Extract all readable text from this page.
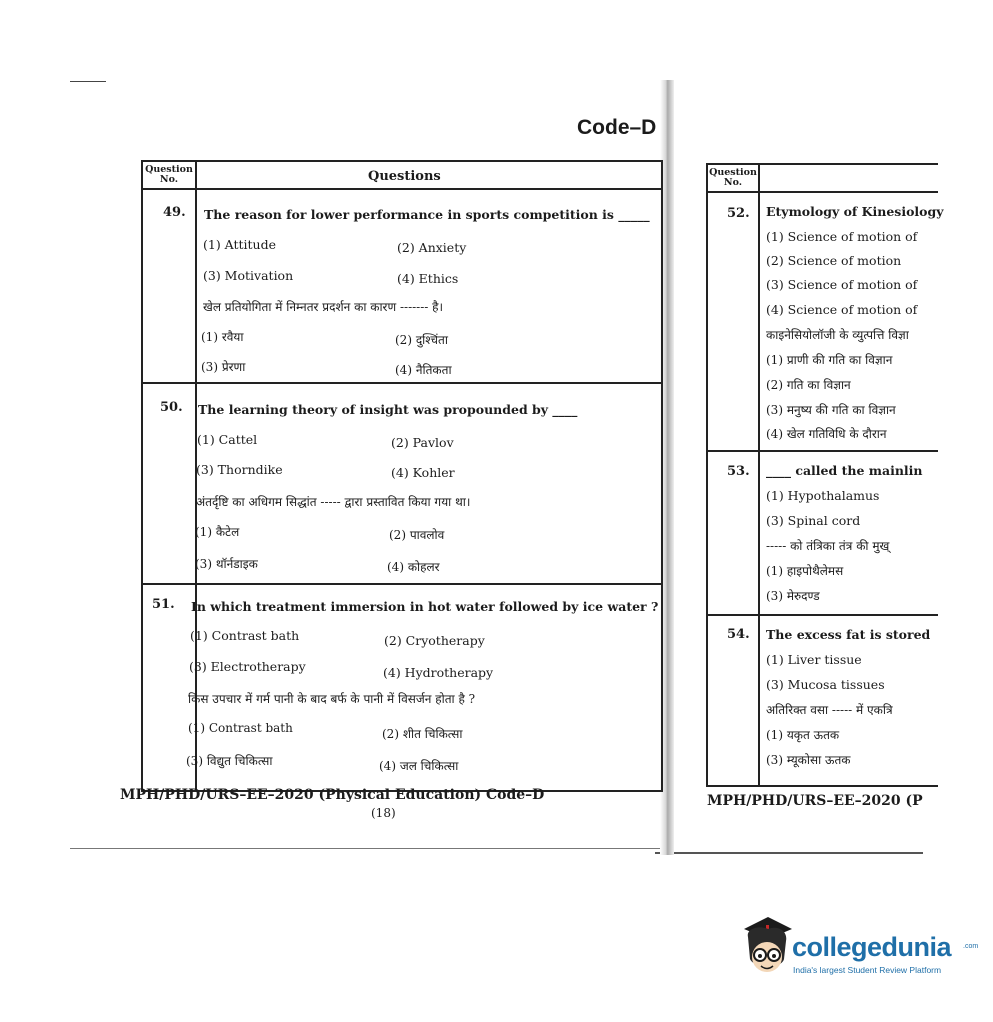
Code–D
Question No.	Questions
49. The reason for lower performance in sports competition is _____
(1) Attitude	(2) Anxiety
(3) Motivation	(4) Ethics
खेल प्रतियोगिता में निम्नतर प्रदर्शन का कारण ------- है।
(1) रवैया	(2) दुश्चिंता
(3) प्रेरणा	(4) नैतिकता
50. The learning theory of insight was propounded by ____
(1) Cattel	(2) Pavlov
(3) Thorndike	(4) Kohler
अंतर्दृष्टि का अधिगम सिद्धांत ----- द्वारा प्रस्तावित किया गया था।
(1) कैटेल	(2) पावलोव
(3) थॉर्नडाइक	(4) कोहलर
51. In which treatment immersion in hot water followed by ice water ?
(1) Contrast bath	(2) Cryotherapy
(3) Electrotherapy	(4) Hydrotherapy
किस उपचार में गर्म पानी के बाद बर्फ के पानी में विसर्जन होता है ?
(1) Contrast bath	(2) शीत चिकित्सा
(3) विद्युत चिकित्सा	(4) जल चिकित्सा
MPH/PHD/URS–EE–2020 (Physical Education) Code–D
(18)
Question No.
52. Etymology of Kinesiology
(1) Science of motion of
(2) Science of motion
(3) Science of motion of
(4) Science of motion of
काइनेसियोलॉजी के व्युत्पत्ति विज्ञा
(1) प्राणी की गति का विज्ञान
(2) गति का विज्ञान
(3) मनुष्य की गति का विज्ञान
(4) खेल गतिविधि के दौरान
53. ____ called the mainlin
(1) Hypothalamus
(3) Spinal cord
----- को तंत्रिका तंत्र की मुख्
(1) हाइपोथैलेमस
(3) मेरुदण्ड
54. The excess fat is stored
(1) Liver tissue
(3) Mucosa tissues
अतिरिक्त वसा ----- में एकत्रि
(1) यकृत ऊतक
(3) म्यूकोसा ऊतक
MPH/PHD/URS–EE–2020 (P
collegedunia .com
India's largest Student Review Platform
